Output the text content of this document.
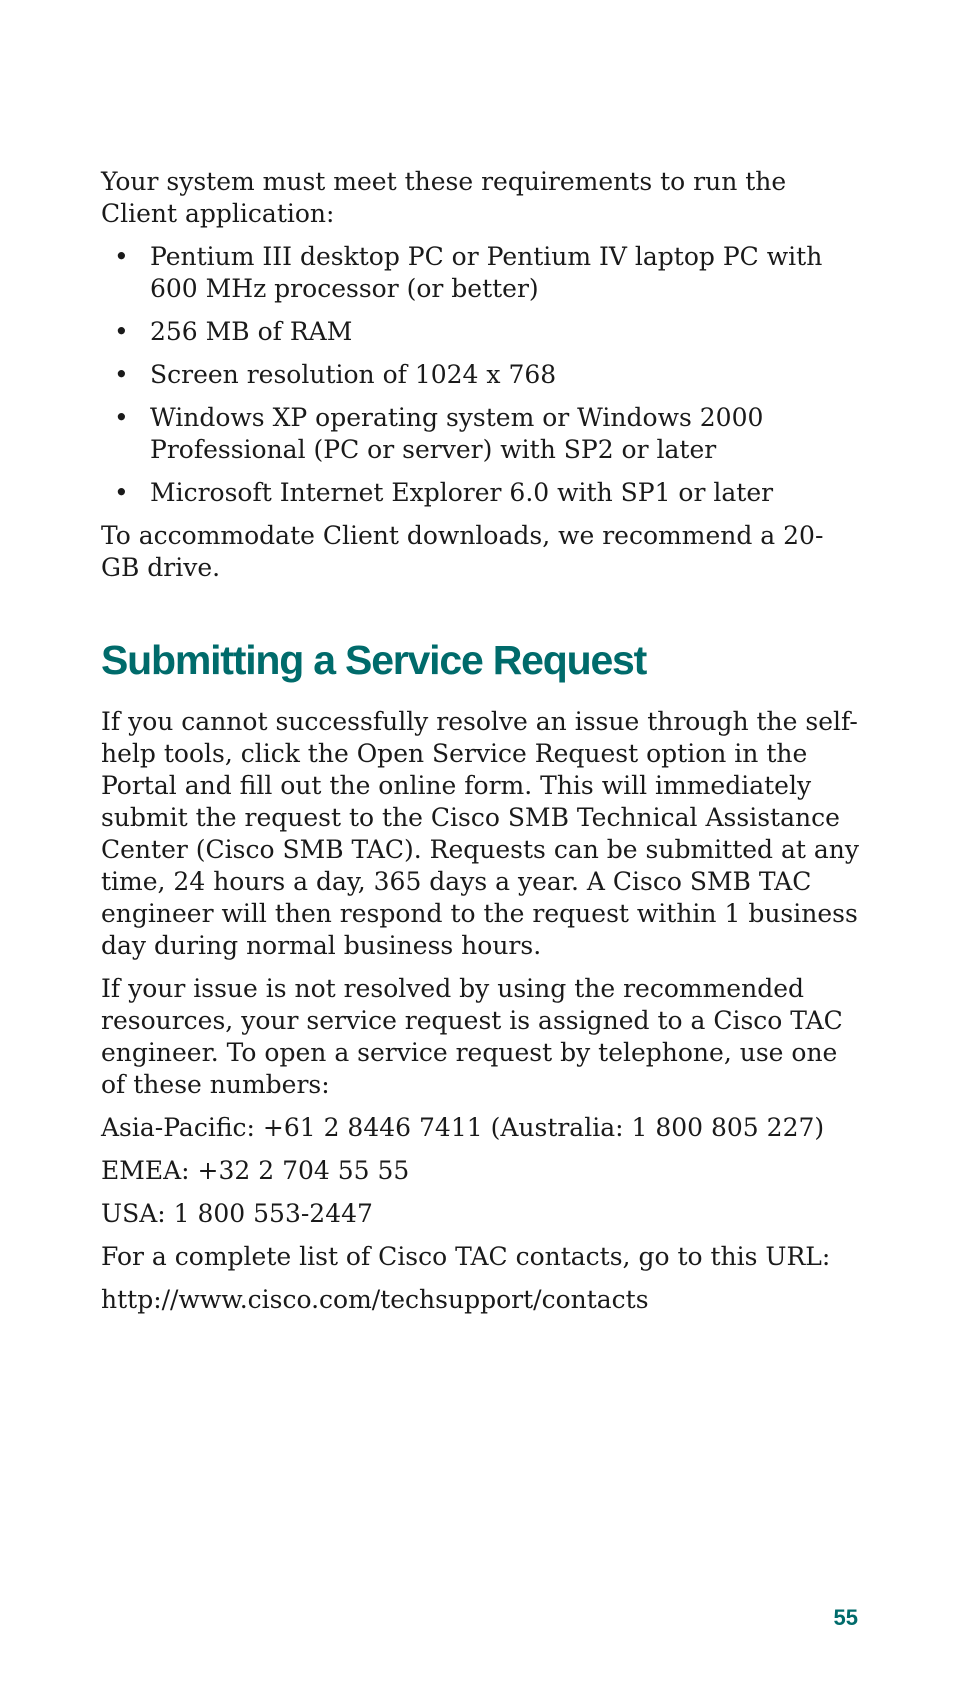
Your system must meet these requirements to run the Client application:

• Pentium III desktop PC or Pentium IV laptop PC with 600 MHz processor (or better)
• 256 MB of RAM
• Screen resolution of 1024 x 768
• Windows XP operating system or Windows 2000 Professional (PC or server) with SP2 or later
• Microsoft Internet Explorer 6.0 with SP1 or later

To accommodate Client downloads, we recommend a 20-GB drive.

Submitting a Service Request

If you cannot successfully resolve an issue through the self-help tools, click the Open Service Request option in the Portal and fill out the online form. This will immediately submit the request to the Cisco SMB Technical Assistance Center (Cisco SMB TAC). Requests can be submitted at any time, 24 hours a day, 365 days a year. A Cisco SMB TAC engineer will then respond to the request within 1 business day during normal business hours.

If your issue is not resolved by using the recommended resources, your service request is assigned to a Cisco TAC engineer. To open a service request by telephone, use one of these numbers:

Asia-Pacific: +61 2 8446 7411 (Australia: 1 800 805 227)

EMEA: +32 2 704 55 55

USA: 1 800 553-2447

For a complete list of Cisco TAC contacts, go to this URL:

http://www.cisco.com/techsupport/contacts

55
